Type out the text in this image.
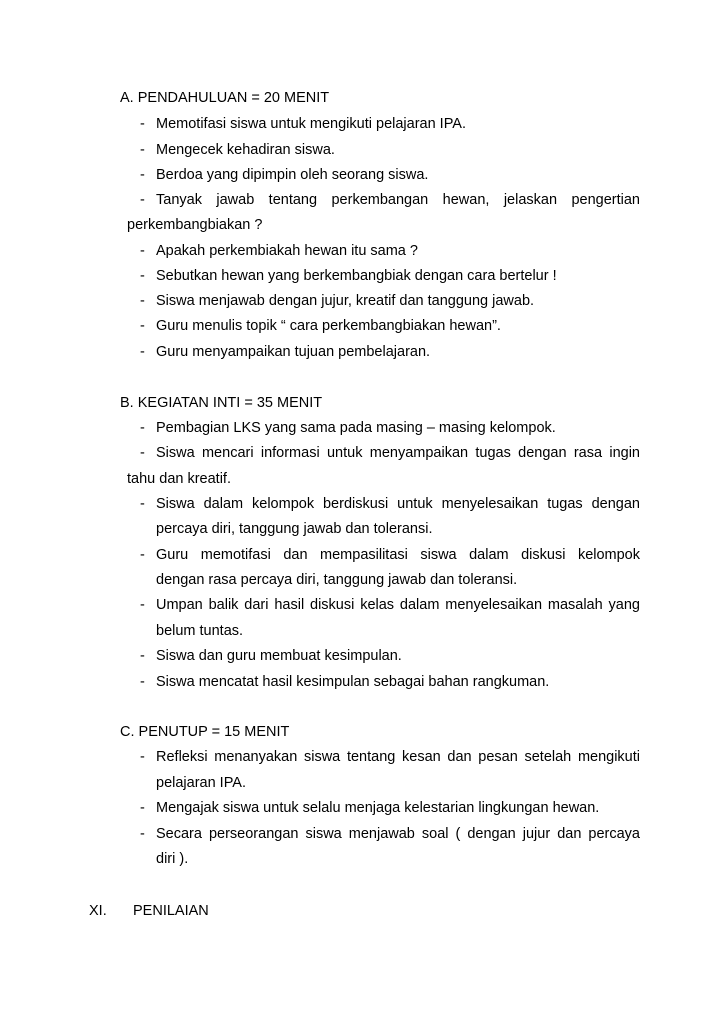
A. PENDAHULUAN = 20 MENIT
- Memotifasi siswa untuk mengikuti pelajaran IPA.
- Mengecek kehadiran siswa.
- Berdoa yang dipimpin oleh seorang siswa.
- Tanyak jawab tentang perkembangan hewan, jelaskan pengertian
perkembangbiakan ?
- Apakah perkembiakah hewan itu sama ?
- Sebutkan hewan yang berkembangbiak dengan cara bertelur !
- Siswa menjawab dengan jujur, kreatif dan tanggung jawab.
- Guru menulis topik “ cara perkembangbiakan hewan”.
- Guru menyampaikan tujuan pembelajaran.
B. KEGIATAN INTI = 35 MENIT
- Pembagian LKS yang sama pada masing – masing kelompok.
- Siswa mencari informasi untuk menyampaikan tugas dengan rasa ingin
tahu dan kreatif.
- Siswa dalam kelompok berdiskusi untuk menyelesaikan tugas dengan
percaya diri, tanggung jawab dan toleransi.
- Guru memotifasi dan mempasilitasi siswa dalam diskusi kelompok
dengan rasa percaya diri, tanggung jawab dan toleransi.
- Umpan balik dari hasil diskusi kelas dalam menyelesaikan masalah yang
belum tuntas.
- Siswa dan guru membuat kesimpulan.
- Siswa mencatat hasil kesimpulan sebagai bahan rangkuman.
C. PENUTUP = 15 MENIT
- Refleksi menanyakan siswa tentang kesan dan pesan setelah mengikuti
pelajaran IPA.
- Mengajak siswa untuk selalu menjaga kelestarian lingkungan hewan.
- Secara perseorangan siswa menjawab soal ( dengan jujur dan percaya
diri ).
XI. PENILAIAN
